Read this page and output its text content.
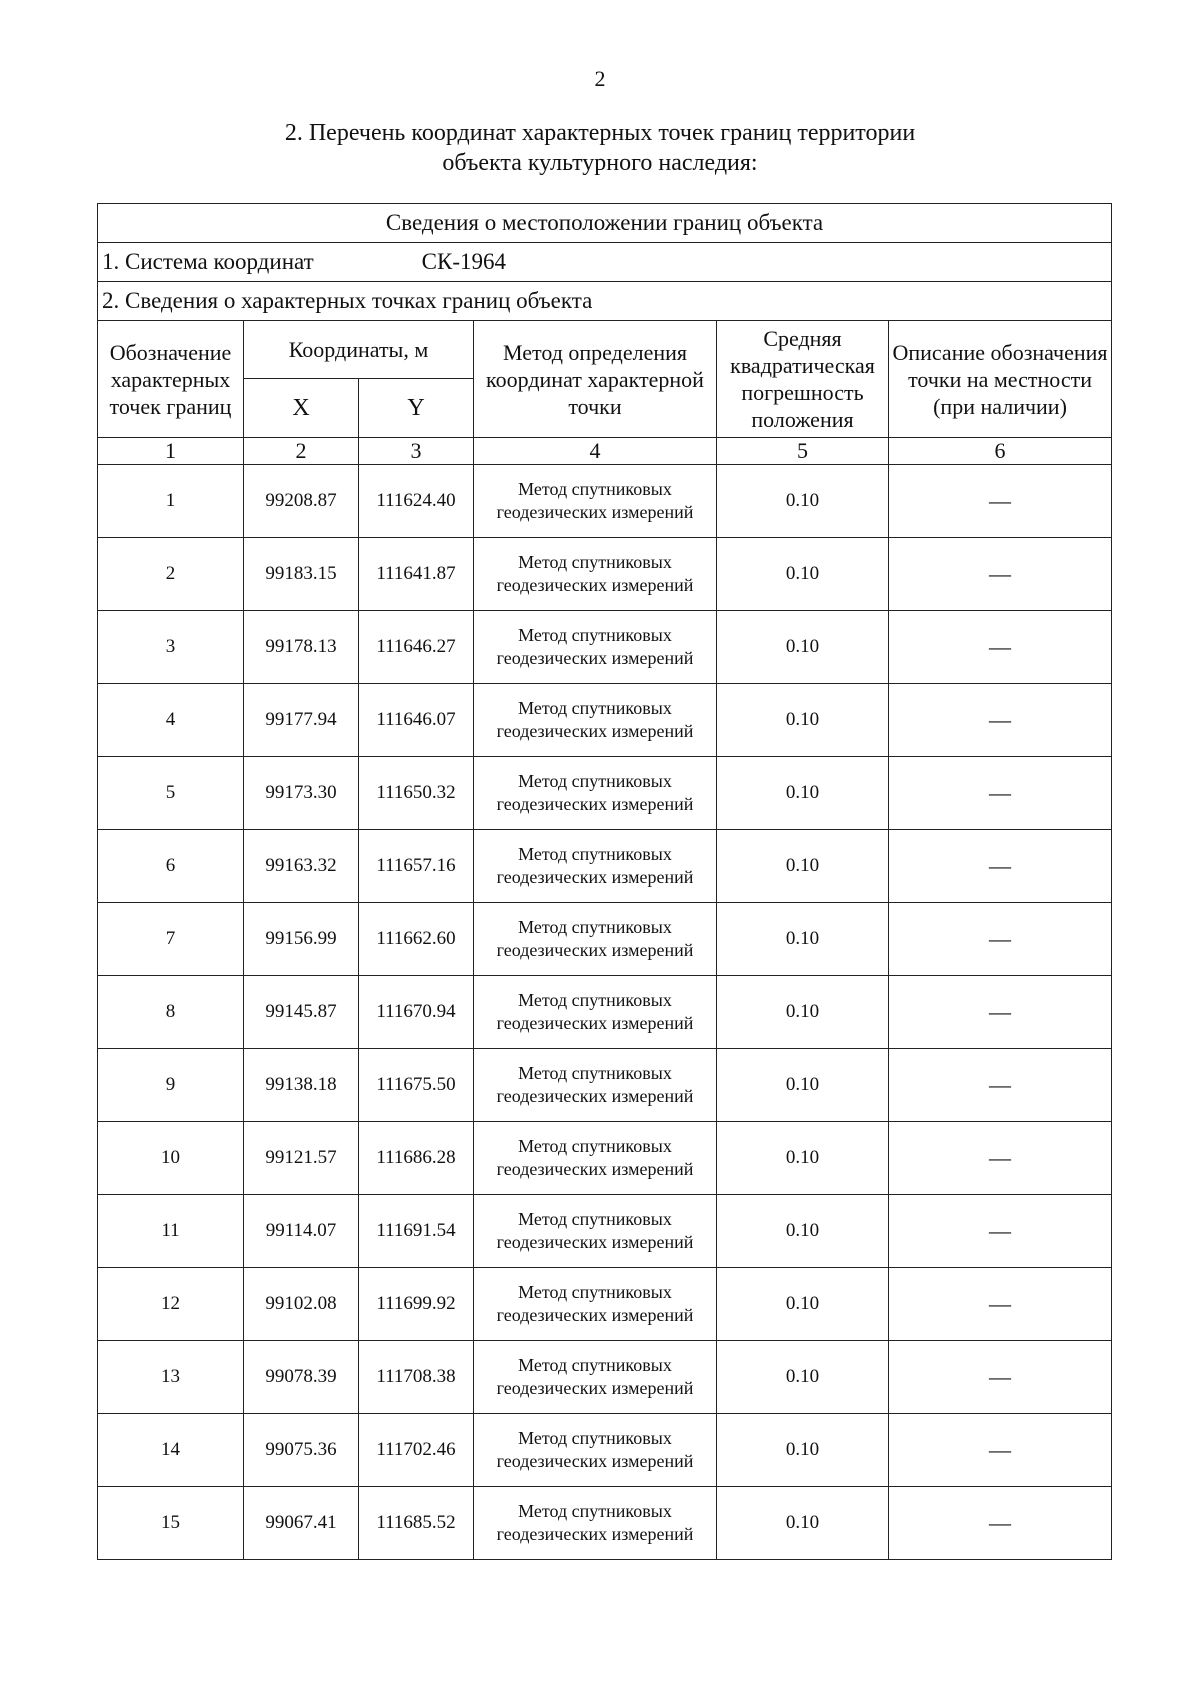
2
2. Перечень координат характерных точек границ территории
объекта культурного наследия:
Сведения о местоположении границ объекта					
1. Система координат СК-1964					
2. Сведения о характерных точках границ объекта					
Обозначение характерных точек границ	Координаты, м		Метод определения координат характерной точки	Средняя квадратическая погрешность положения	Описание обозначения точки на местности (при наличии)
	X	Y			
1	2	3	4	5	6
1	99208.87	111624.40	Метод спутниковых геодезических измерений	0.10	—
2	99183.15	111641.87	Метод спутниковых геодезических измерений	0.10	—
3	99178.13	111646.27	Метод спутниковых геодезических измерений	0.10	—
4	99177.94	111646.07	Метод спутниковых геодезических измерений	0.10	—
5	99173.30	111650.32	Метод спутниковых геодезических измерений	0.10	—
6	99163.32	111657.16	Метод спутниковых геодезических измерений	0.10	—
7	99156.99	111662.60	Метод спутниковых геодезических измерений	0.10	—
8	99145.87	111670.94	Метод спутниковых геодезических измерений	0.10	—
9	99138.18	111675.50	Метод спутниковых геодезических измерений	0.10	—
10	99121.57	111686.28	Метод спутниковых геодезических измерений	0.10	—
11	99114.07	111691.54	Метод спутниковых геодезических измерений	0.10	—
12	99102.08	111699.92	Метод спутниковых геодезических измерений	0.10	—
13	99078.39	111708.38	Метод спутниковых геодезических измерений	0.10	—
14	99075.36	111702.46	Метод спутниковых геодезических измерений	0.10	—
15	99067.41	111685.52	Метод спутниковых геодезических измерений	0.10	—
